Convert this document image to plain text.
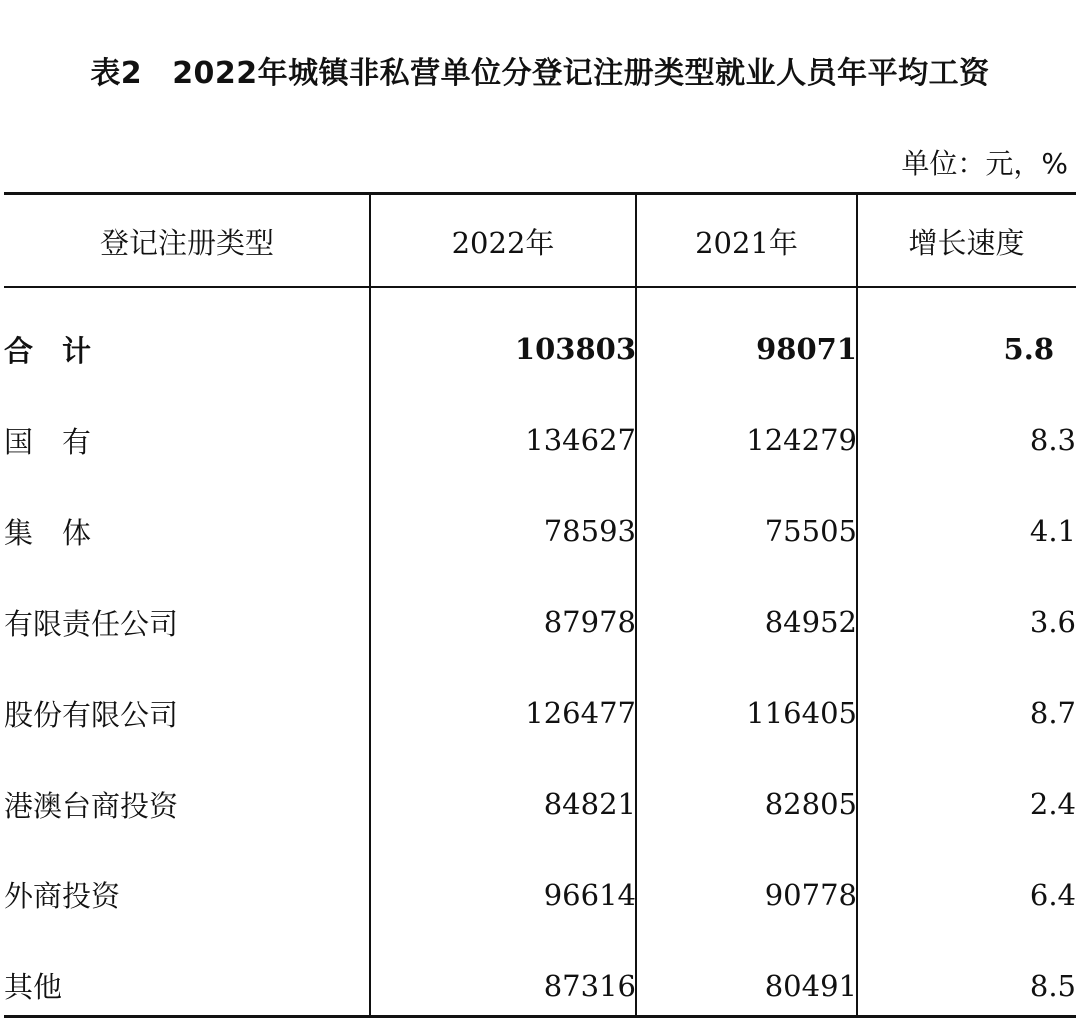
表2 2022年城镇非私营单位分登记注册类型就业人员年平均工资
单位：元，%
登记注册类型	2022年	2021年	增长速度
合　计	103803	98071	5.8
国　有	134627	124279	8.3
集　体	78593	75505	4.1
有限责任公司	87978	84952	3.6
股份有限公司	126477	116405	8.7
港澳台商投资	84821	82805	2.4
外商投资	96614	90778	6.4
其他	87316	80491	8.5
